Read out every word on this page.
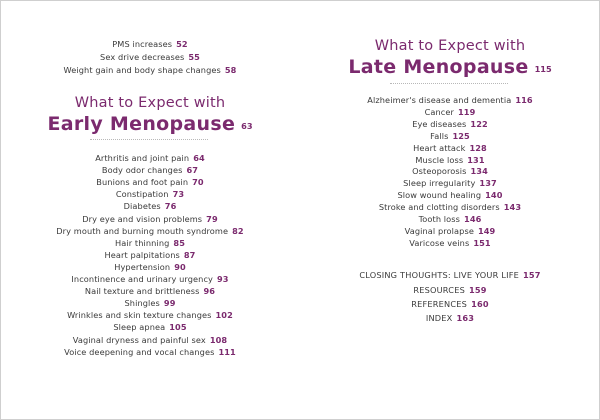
PMS increases 52
Sex drive decreases 55
Weight gain and body shape changes 58
What to Expect with
Early Menopause 63
Arthritis and joint pain 64
Body odor changes 67
Bunions and foot pain 70
Constipation 73
Diabetes 76
Dry eye and vision problems 79
Dry mouth and burning mouth syndrome 82
Hair thinning 85
Heart palpitations 87
Hypertension 90
Incontinence and urinary urgency 93
Nail texture and brittleness 96
Shingles 99
Wrinkles and skin texture changes 102
Sleep apnea 105
Vaginal dryness and painful sex 108
Voice deepening and vocal changes 111
What to Expect with
Late Menopause 115
Alzheimer's disease and dementia 116
Cancer 119
Eye diseases 122
Falls 125
Heart attack 128
Muscle loss 131
Osteoporosis 134
Sleep irregularity 137
Slow wound healing 140
Stroke and clotting disorders 143
Tooth loss 146
Vaginal prolapse 149
Varicose veins 151
CLOSING THOUGHTS: LIVE YOUR LIFE 157
RESOURCES 159
REFERENCES 160
INDEX 163
